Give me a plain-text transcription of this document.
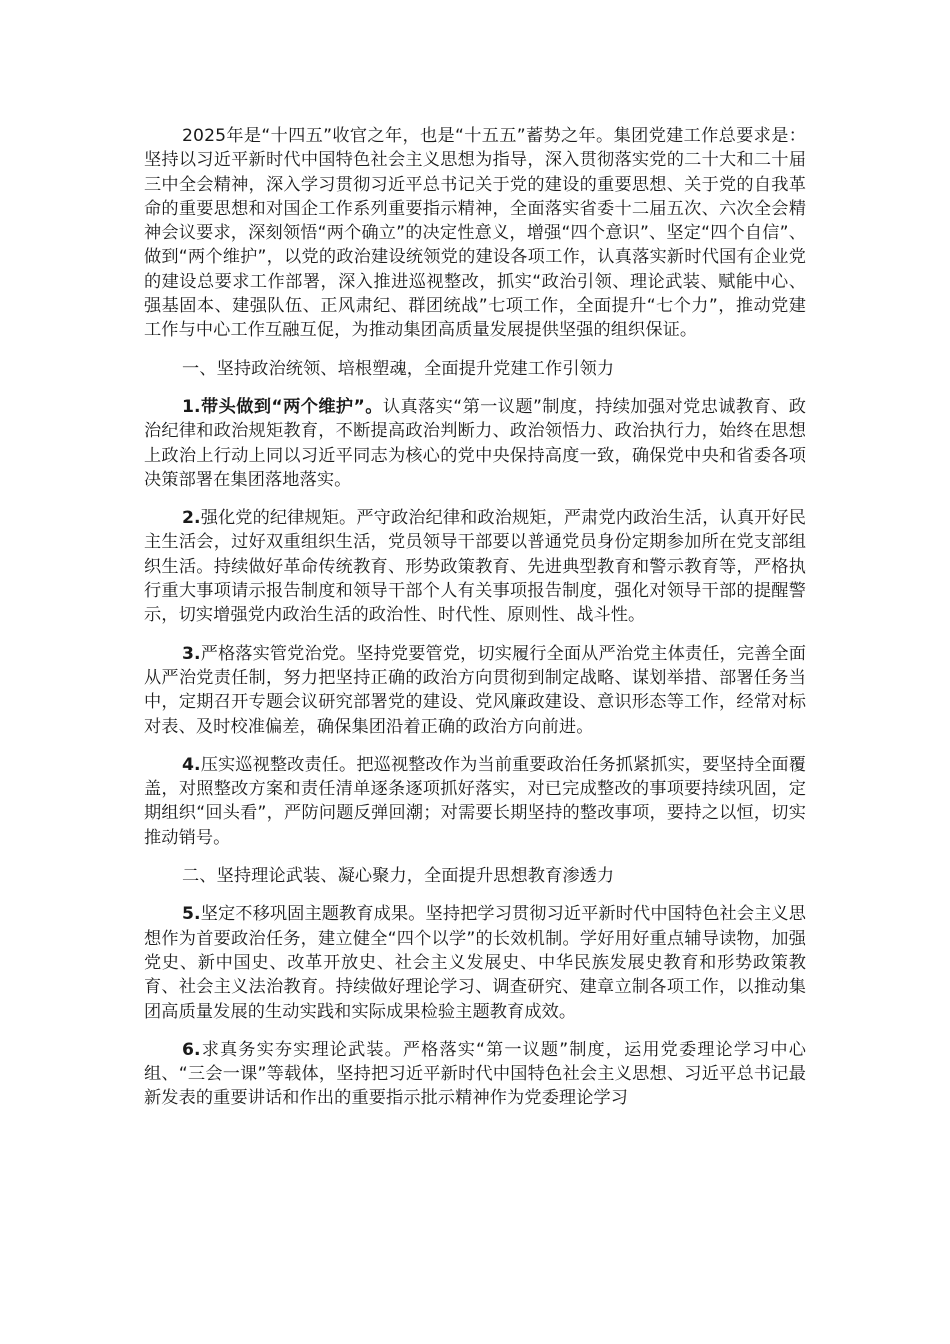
2025年是“十四五”收官之年，也是“十五五”蓄势之年。集团党建工作总要求是：坚持以习近平新时代中国特色社会主义思想为指导，深入贯彻落实党的二十大和二十届三中全会精神，深入学习贯彻习近平总书记关于党的建设的重要思想、关于党的自我革命的重要思想和对国企工作系列重要指示精神，全面落实省委十二届五次、六次全会精神会议要求，深刻领悟“两个确立”的决定性意义，增强“四个意识”、坚定“四个自信”、做到“两个维护”，以党的政治建设统领党的建设各项工作，认真落实新时代国有企业党的建设总要求工作部署，深入推进巡视整改，抓实“政治引领、理论武装、赋能中心、强基固本、建强队伍、正风肃纪、群团统战”七项工作，全面提升“七个力”，推动党建工作与中心工作互融互促，为推动集团高质量发展提供坚强的组织保证。

一、坚持政治统领、培根塑魂，全面提升党建工作引领力

1.带头做到“两个维护”。认真落实“第一议题”制度，持续加强对党忠诚教育、政治纪律和政治规矩教育，不断提高政治判断力、政治领悟力、政治执行力，始终在思想上政治上行动上同以习近平同志为核心的党中央保持高度一致，确保党中央和省委各项决策部署在集团落地落实。

2.强化党的纪律规矩。严守政治纪律和政治规矩，严肃党内政治生活，认真开好民主生活会，过好双重组织生活，党员领导干部要以普通党员身份定期参加所在党支部组织生活。持续做好革命传统教育、形势政策教育、先进典型教育和警示教育等，严格执行重大事项请示报告制度和领导干部个人有关事项报告制度，强化对领导干部的提醒警示，切实增强党内政治生活的政治性、时代性、原则性、战斗性。

3.严格落实管党治党。坚持党要管党，切实履行全面从严治党主体责任，完善全面从严治党责任制，努力把坚持正确的政治方向贯彻到制定战略、谋划举措、部署任务当中，定期召开专题会议研究部署党的建设、党风廉政建设、意识形态等工作，经常对标对表、及时校准偏差，确保集团沿着正确的政治方向前进。

4.压实巡视整改责任。把巡视整改作为当前重要政治任务抓紧抓实，要坚持全面覆盖，对照整改方案和责任清单逐条逐项抓好落实，对已完成整改的事项要持续巩固，定期组织“回头看”，严防问题反弹回潮；对需要长期坚持的整改事项，要持之以恒，切实推动销号。

二、坚持理论武装、凝心聚力，全面提升思想教育渗透力

5.坚定不移巩固主题教育成果。坚持把学习贯彻习近平新时代中国特色社会主义思想作为首要政治任务，建立健全“四个以学”的长效机制。学好用好重点辅导读物，加强党史、新中国史、改革开放史、社会主义发展史、中华民族发展史教育和形势政策教育、社会主义法治教育。持续做好理论学习、调查研究、建章立制各项工作，以推动集团高质量发展的生动实践和实际成果检验主题教育成效。

6.求真务实夯实理论武装。严格落实“第一议题”制度，运用党委理论学习中心组、“三会一课”等载体，坚持把习近平新时代中国特色社会主义思想、习近平总书记最新发表的重要讲话和作出的重要指示批示精神作为党委理论学习
